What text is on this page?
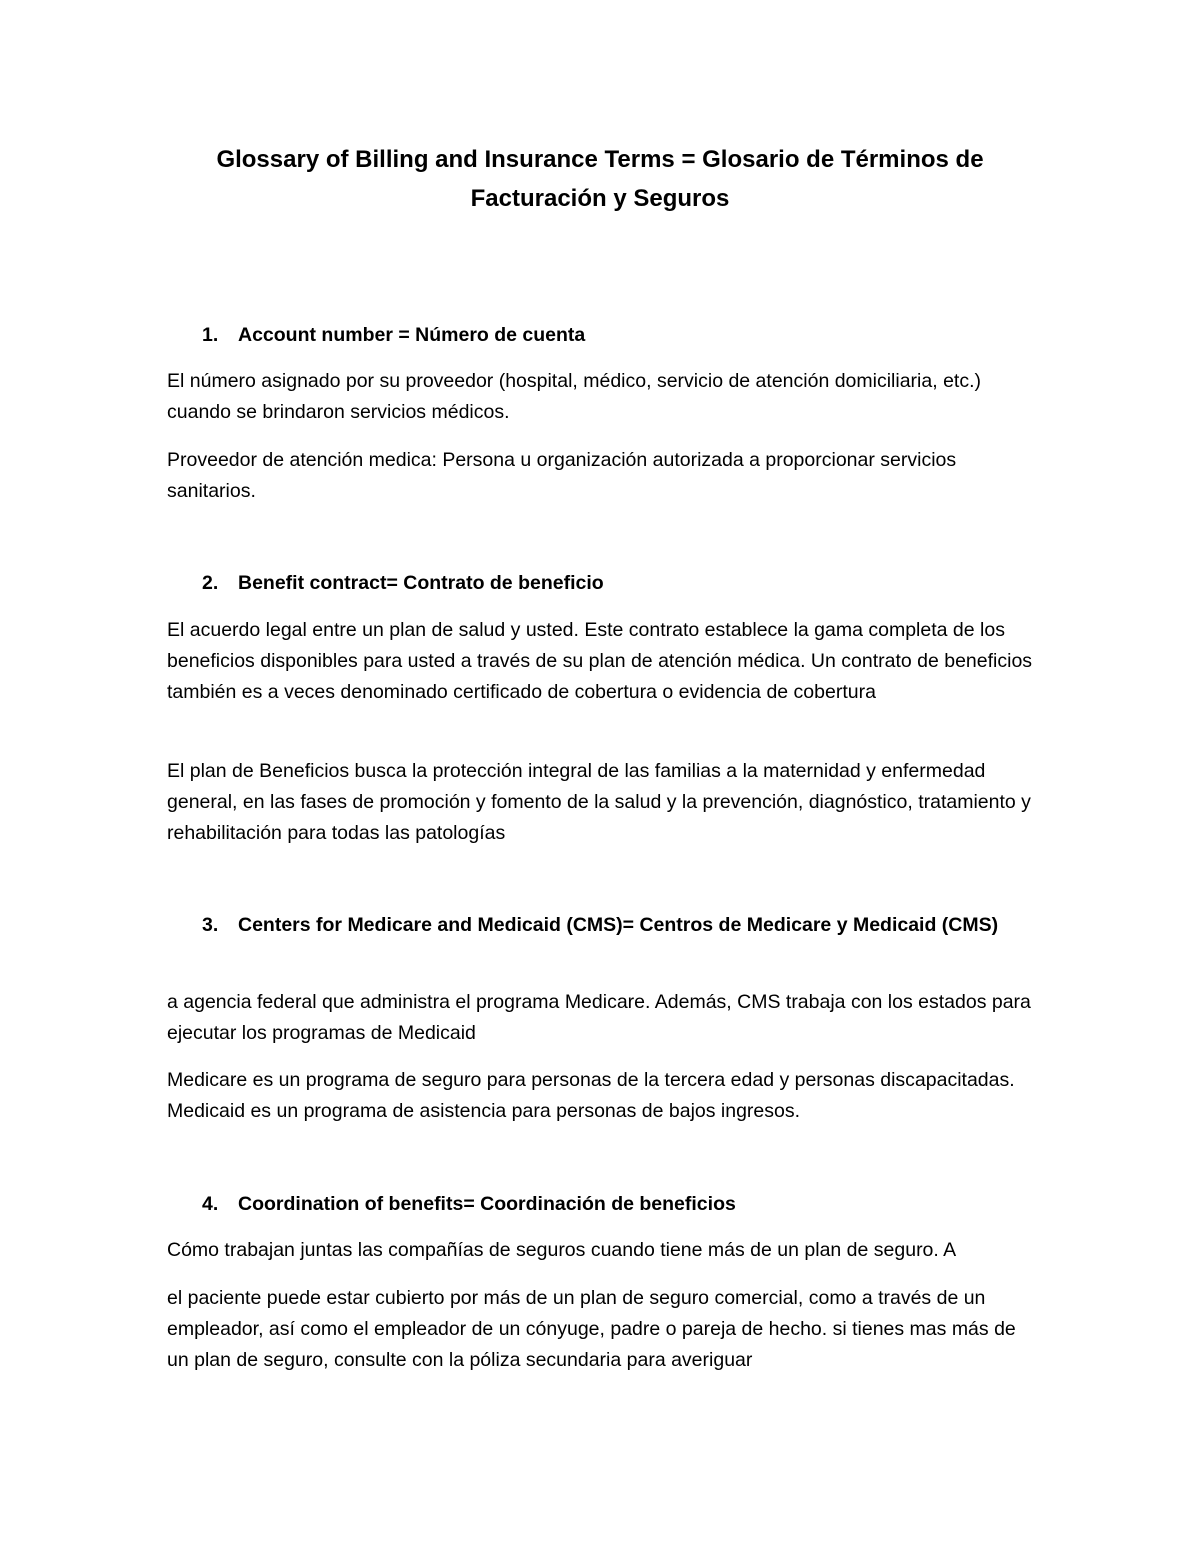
Glossary of Billing and Insurance Terms = Glosario de Términos de Facturación y Seguros
1.	Account number = Número de cuenta

El número asignado por su proveedor (hospital, médico, servicio de atención domiciliaria, etc.) cuando se brindaron servicios médicos.

Proveedor de atención medica: Persona u organización autorizada a proporcionar servicios sanitarios.

2.	Benefit contract= Contrato de beneficio

El acuerdo legal entre un plan de salud y usted. Este contrato establece la gama completa de los beneficios disponibles para usted a través de su plan de atención médica. Un contrato de beneficios también es a veces denominado certificado de cobertura o evidencia de cobertura

El plan de Beneficios busca la protección integral de las familias a la maternidad y enfermedad general, en las fases de promoción y fomento de la salud y la prevención, diagnóstico, tratamiento y rehabilitación para todas las patologías

3.	Centers for Medicare and Medicaid (CMS)= Centros de Medicare y Medicaid (CMS)

a agencia federal que administra el programa Medicare. Además, CMS trabaja con los estados para ejecutar los programas de Medicaid

Medicare es un programa de seguro para personas de la tercera edad y personas discapacitadas. Medicaid es un programa de asistencia para personas de bajos ingresos.

4.	Coordination of benefits= Coordinación de beneficios

Cómo trabajan juntas las compañías de seguros cuando tiene más de un plan de seguro. A

el paciente puede estar cubierto por más de un plan de seguro comercial, como a través de un empleador, así como el empleador de un cónyuge, padre o pareja de hecho. si tienes mas más de un plan de seguro, consulte con la póliza secundaria para averiguar
